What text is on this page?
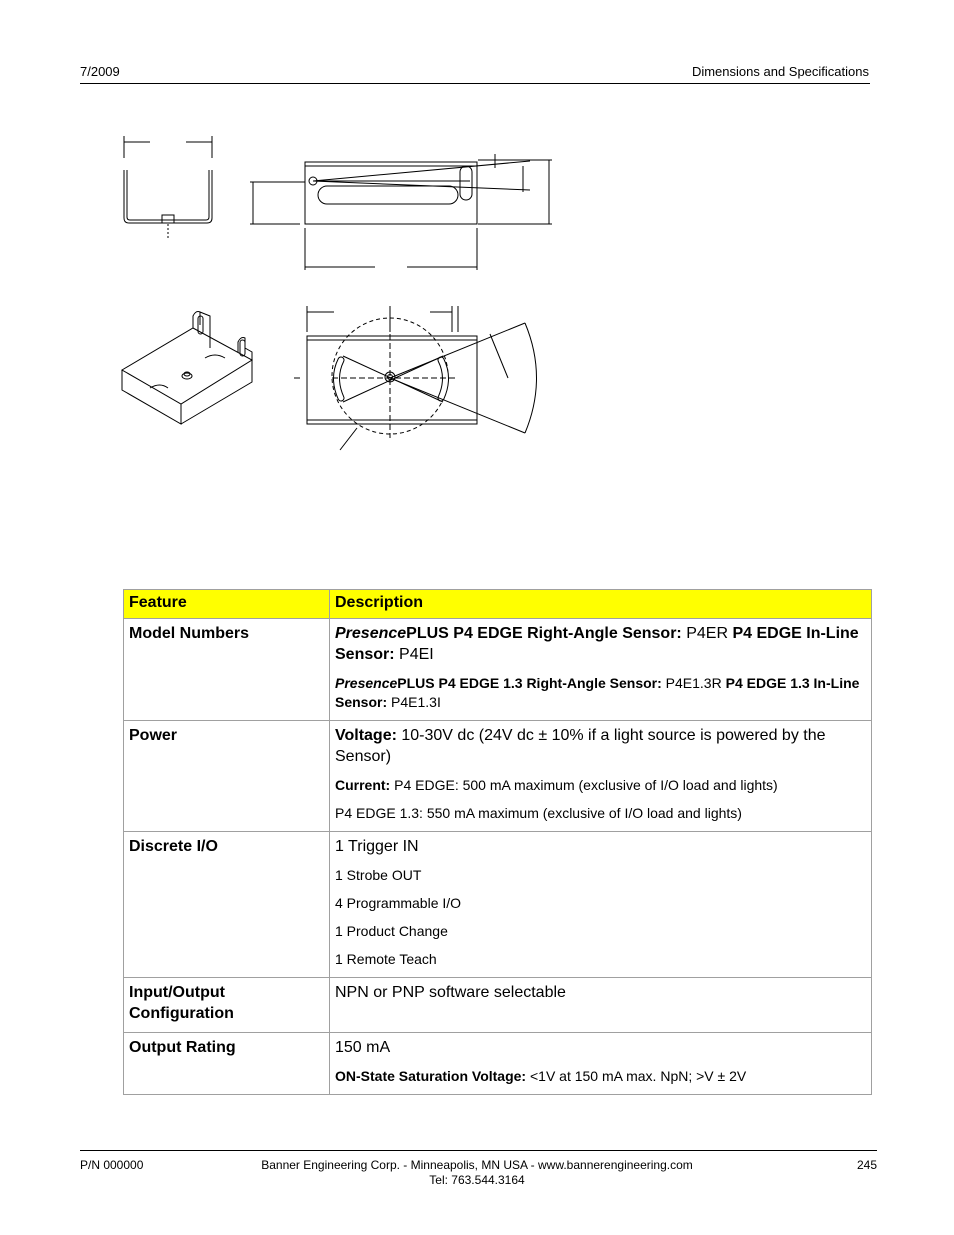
7/2009	Dimensions and Specifications
Feature	Description
Model Numbers	PresencePLUS P4 EDGE Right-Angle Sensor: P4ER P4 EDGE In-Line Sensor: P4EI

PresencePLUS P4 EDGE 1.3 Right-Angle Sensor: P4E1.3R P4 EDGE 1.3 In-Line Sensor: P4E1.3I

Power	Voltage: 10-30V dc (24V dc ± 10% if a light source is powered by the Sensor)

Current: P4 EDGE: 500 mA maximum (exclusive of I/O load and lights)

P4 EDGE 1.3: 550 mA maximum (exclusive of I/O load and lights)

Discrete I/O	1 Trigger IN

1 Strobe OUT

4 Programmable I/O

1 Product Change

1 Remote Teach

Input/Output Configuration	NPN or PNP software selectable

Output Rating	150 mA

ON-State Saturation Voltage: <1V at 150 mA max. NpN; >V ± 2V

P/N 000000	Banner Engineering Corp. - Minneapolis, MN USA - www.bannerengineering.com
Tel: 763.544.3164
245
